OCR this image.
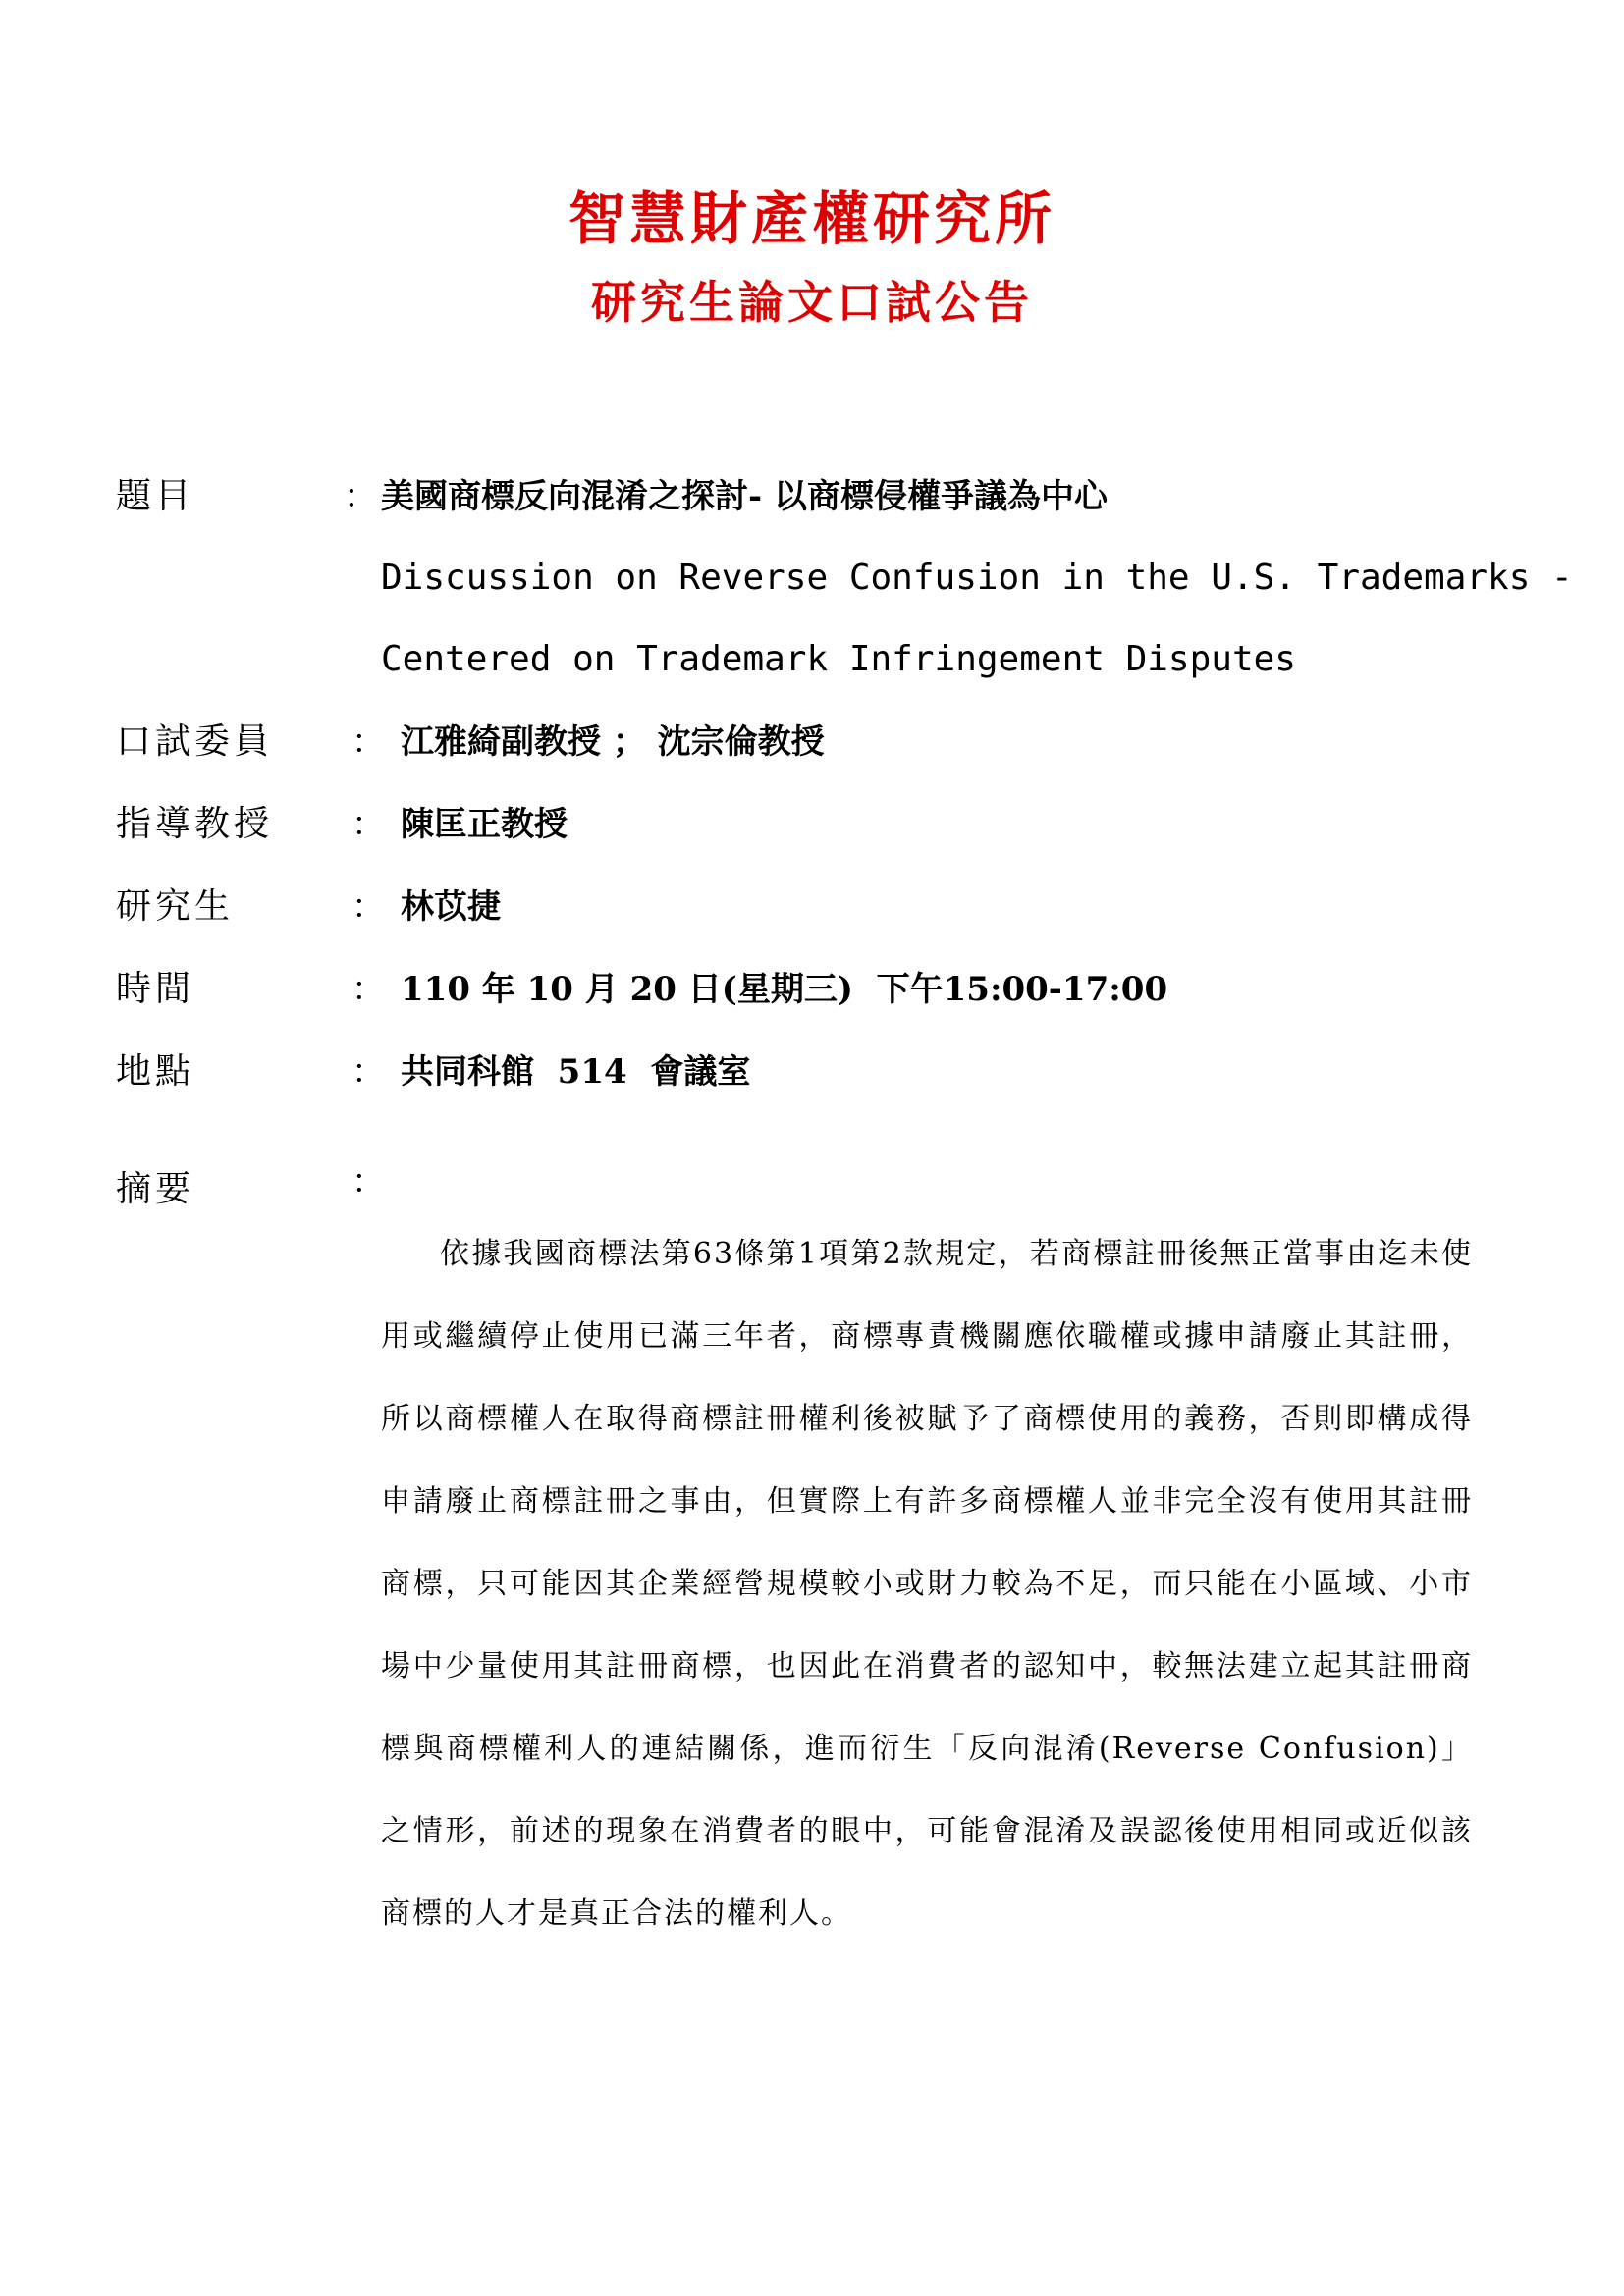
智慧財產權研究所
研究生論文口試公告
題目	： 美國商標反向混淆之探討- 以商標侵權爭議為中心
Discussion on Reverse Confusion in the U.S. Trademarks -
Centered on Trademark Infringement Disputes
口試委員 ： 江雅綺副教授 ； 沈宗倫教授
指導教授 ： 陳匡正教授
研究生	： 林苡捷
時間	： 110 年 10 月 20 日(星期三)  下午15:00-17:00
地點	： 共同科館  514  會議室
摘要	：
依據我國商標法第63條第1項第2款規定，若商標註冊後無正當事由迄未使用或繼續停止使用已滿三年者，商標專責機關應依職權或據申請廢止其註冊，所以商標權人在取得商標註冊權利後被賦予了商標使用的義務，否則即構成得申請廢止商標註冊之事由，但實際上有許多商標權人並非完全沒有使用其註冊商標，只可能因其企業經營規模較小或財力較為不足，而只能在小區域、小市場中少量使用其註冊商標，也因此在消費者的認知中，較無法建立起其註冊商標與商標權利人的連結關係，進而衍生「反向混淆(Reverse Confusion)」之情形，前述的現象在消費者的眼中，可能會混淆及誤認後使用相同或近似該商標的人才是真正合法的權利人。
